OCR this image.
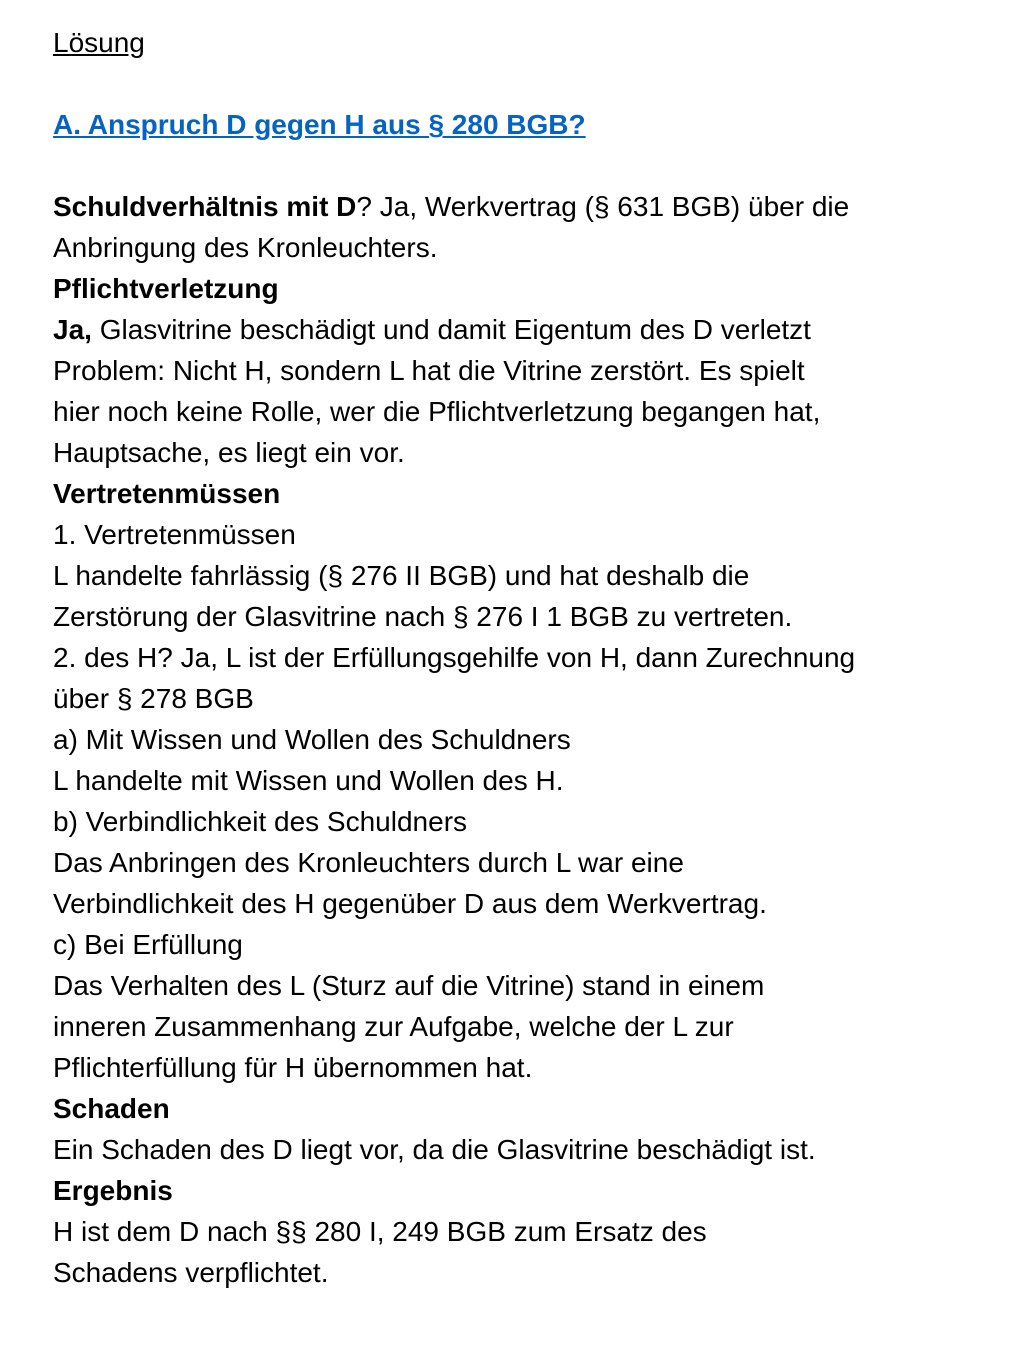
Lösung
A. Anspruch D gegen H aus § 280 BGB?
Schuldverhältnis mit D? Ja, Werkvertrag (§ 631 BGB) über die
Anbringung des Kronleuchters.
Pflichtverletzung
Ja, Glasvitrine beschädigt und damit Eigentum des D verletzt
Problem: Nicht H, sondern L hat die Vitrine zerstört. Es spielt
hier noch keine Rolle, wer die Pflichtverletzung begangen hat,
Hauptsache, es liegt ein vor.
Vertretenmüssen
1. Vertretenmüssen
L handelte fahrlässig (§ 276 II BGB) und hat deshalb die
Zerstörung der Glasvitrine nach § 276 I 1 BGB zu vertreten.
2. des H? Ja, L ist der Erfüllungsgehilfe von H, dann Zurechnung
über § 278 BGB
a) Mit Wissen und Wollen des Schuldners
L handelte mit Wissen und Wollen des H.
b) Verbindlichkeit des Schuldners
Das Anbringen des Kronleuchters durch L war eine
Verbindlichkeit des H gegenüber D aus dem Werkvertrag.
c) Bei Erfüllung
Das Verhalten des L (Sturz auf die Vitrine) stand in einem
inneren Zusammenhang zur Aufgabe, welche der L zur
Pflichterfüllung für H übernommen hat.
Schaden
Ein Schaden des D liegt vor, da die Glasvitrine beschädigt ist.
Ergebnis
H ist dem D nach §§ 280 I, 249 BGB zum Ersatz des
Schadens verpflichtet.
